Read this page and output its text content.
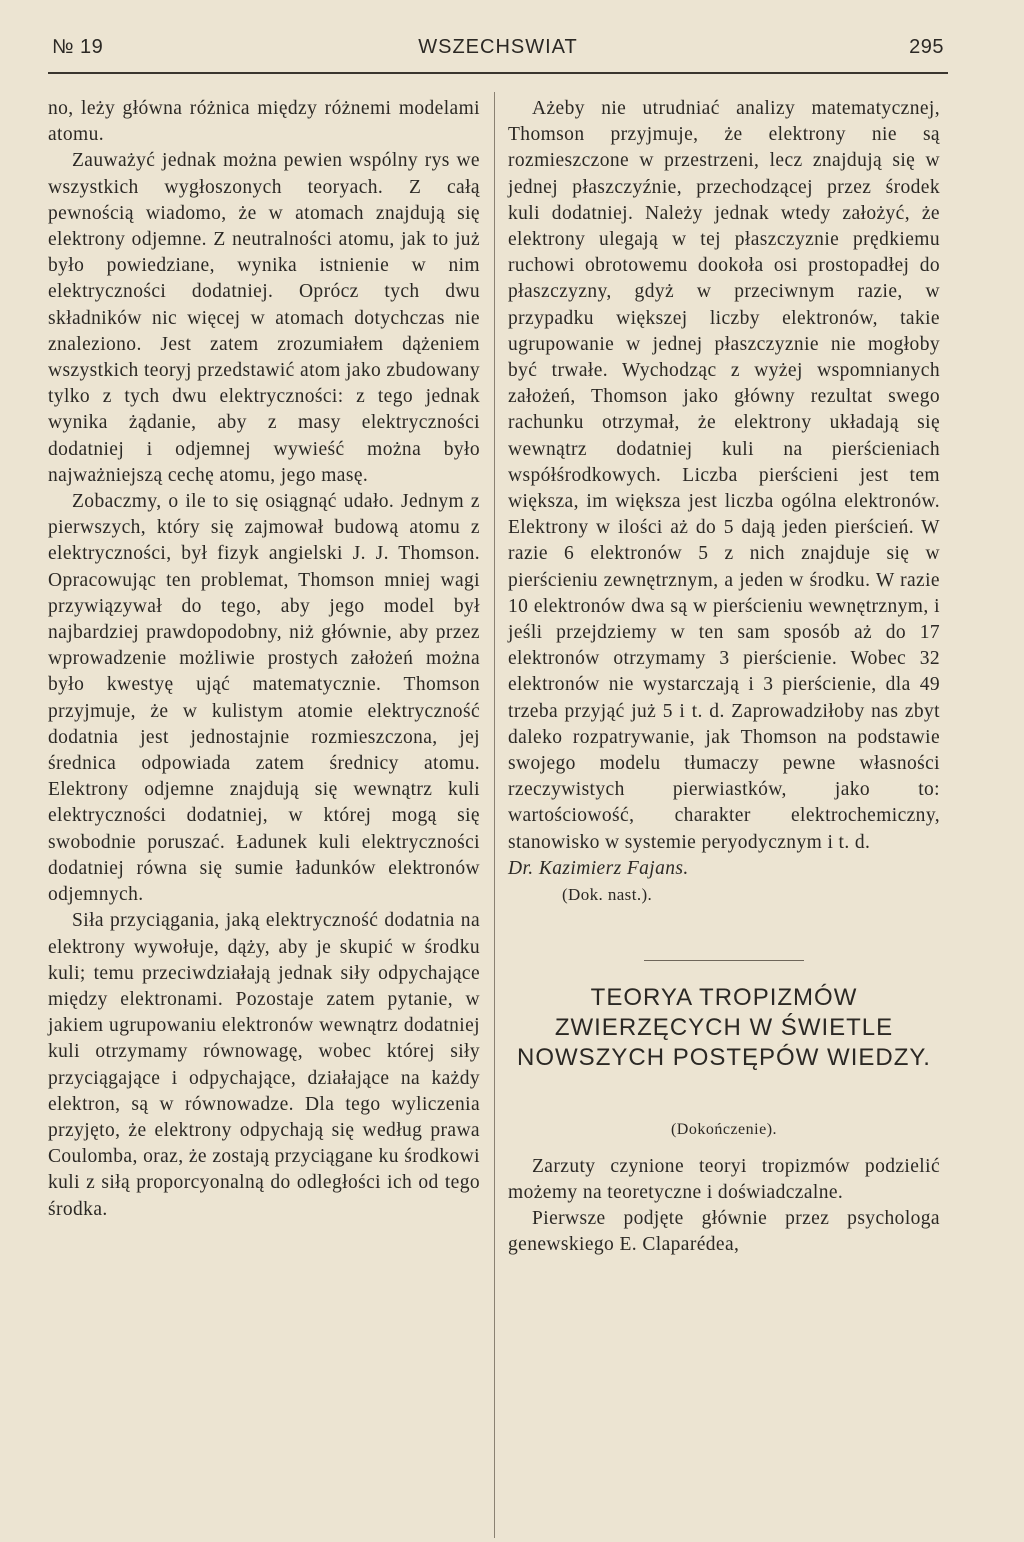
№ 19	WSZECHSWIAT	295

no, leży główna różnica między różnemi modelami atomu.

Zauważyć jednak można pewien wspólny rys we wszystkich wygłoszonych teoryach. Z całą pewnością wiadomo, że w atomach znajdują się elektrony odjemne. Z neutralności atomu, jak to już było powiedziane, wynika istnienie w nim elektryczności dodatniej. Oprócz tych dwu składników nic więcej w atomach dotychczas nie znaleziono. Jest zatem zrozumiałem dążeniem wszystkich teoryj przedstawić atom jako zbudowany tylko z tych dwu elektryczności: z tego jednak wynika żądanie, aby z masy elektryczności dodatniej i odjemnej wywieść można było najważniejszą cechę atomu, jego masę.

Zobaczmy, o ile to się osiągnąć udało. Jednym z pierwszych, który się zajmował budową atomu z elektryczności, był fizyk angielski J. J. Thomson. Opracowując ten problemat, Thomson mniej wagi przywiązywał do tego, aby jego model był najbardziej prawdopodobny, niż głównie, aby przez wprowadzenie możliwie prostych założeń można było kwestyę ująć matematycznie. Thomson przyjmuje, że w kulistym atomie elektryczność dodatnia jest jednostajnie rozmieszczona, jej średnica odpowiada zatem średnicy atomu. Elektrony odjemne znajdują się wewnątrz kuli elektryczności dodatniej, w której mogą się swobodnie poruszać. Ładunek kuli elektryczności dodatniej równa się sumie ładunków elektronów odjemnych.

Siła przyciągania, jaką elektryczność dodatnia na elektrony wywołuje, dąży, aby je skupić w środku kuli; temu przeciwdziałają jednak siły odpychające między elektronami. Pozostaje zatem pytanie, w jakiem ugrupowaniu elektronów wewnątrz dodatniej kuli otrzymamy równowagę, wobec której siły przyciągające i odpychające, działające na każdy elektron, są w równowadze. Dla tego wyliczenia przyjęto, że elektrony odpychają się według prawa Coulomba, oraz, że zostają przyciągane ku środkowi kuli z siłą proporcyonalną do odległości ich od tego środka.

Ażeby nie utrudniać analizy matematycznej, Thomson przyjmuje, że elektrony nie są rozmieszczone w przestrzeni, lecz znajdują się w jednej płaszczyźnie, przechodzącej przez środek kuli dodatniej. Należy jednak wtedy założyć, że elektrony ulegają w tej płaszczyznie prędkiemu ruchowi obrotowemu dookoła osi prostopadłej do płaszczyzny, gdyż w przeciwnym razie, w przypadku większej liczby elektronów, takie ugrupowanie w jednej płaszczyznie nie mogłoby być trwałe. Wychodząc z wyżej wspomnianych założeń, Thomson jako główny rezultat swego rachunku otrzymał, że elektrony układają się wewnątrz dodatniej kuli na pierścieniach współśrodkowych. Liczba pierścieni jest tem większa, im większa jest liczba ogólna elektronów. Elektrony w ilości aż do 5 dają jeden pierścień. W razie 6 elektronów 5 z nich znajduje się w pierścieniu zewnętrznym, a jeden w środku. W razie 10 elektronów dwa są w pierścieniu wewnętrznym, i jeśli przejdziemy w ten sam sposób aż do 17 elektronów otrzymamy 3 pierścienie. Wobec 32 elektronów nie wystarczają i 3 pierścienie, dla 49 trzeba przyjąć już 5 i t. d. Zaprowadziłoby nas zbyt daleko rozpatrywanie, jak Thomson na podstawie swojego modelu tłumaczy pewne własności rzeczywistych pierwiastków, jako to: wartościowość, charakter elektrochemiczny, stanowisko w systemie peryodycznym i t. d.

Dr. Kazimierz Fajans.

(Dok. nast.).

TEORYA TROPIZMÓW ZWIERZĘCYCH W ŚWIETLE NOWSZYCH POSTĘPÓW WIEDZY.
(Dokończenie).

Zarzuty czynione teoryi tropizmów podzielić możemy na teoretyczne i doświadczalne.

Pierwsze podjęte głównie przez psychologa genewskiego E. Claparédea,
